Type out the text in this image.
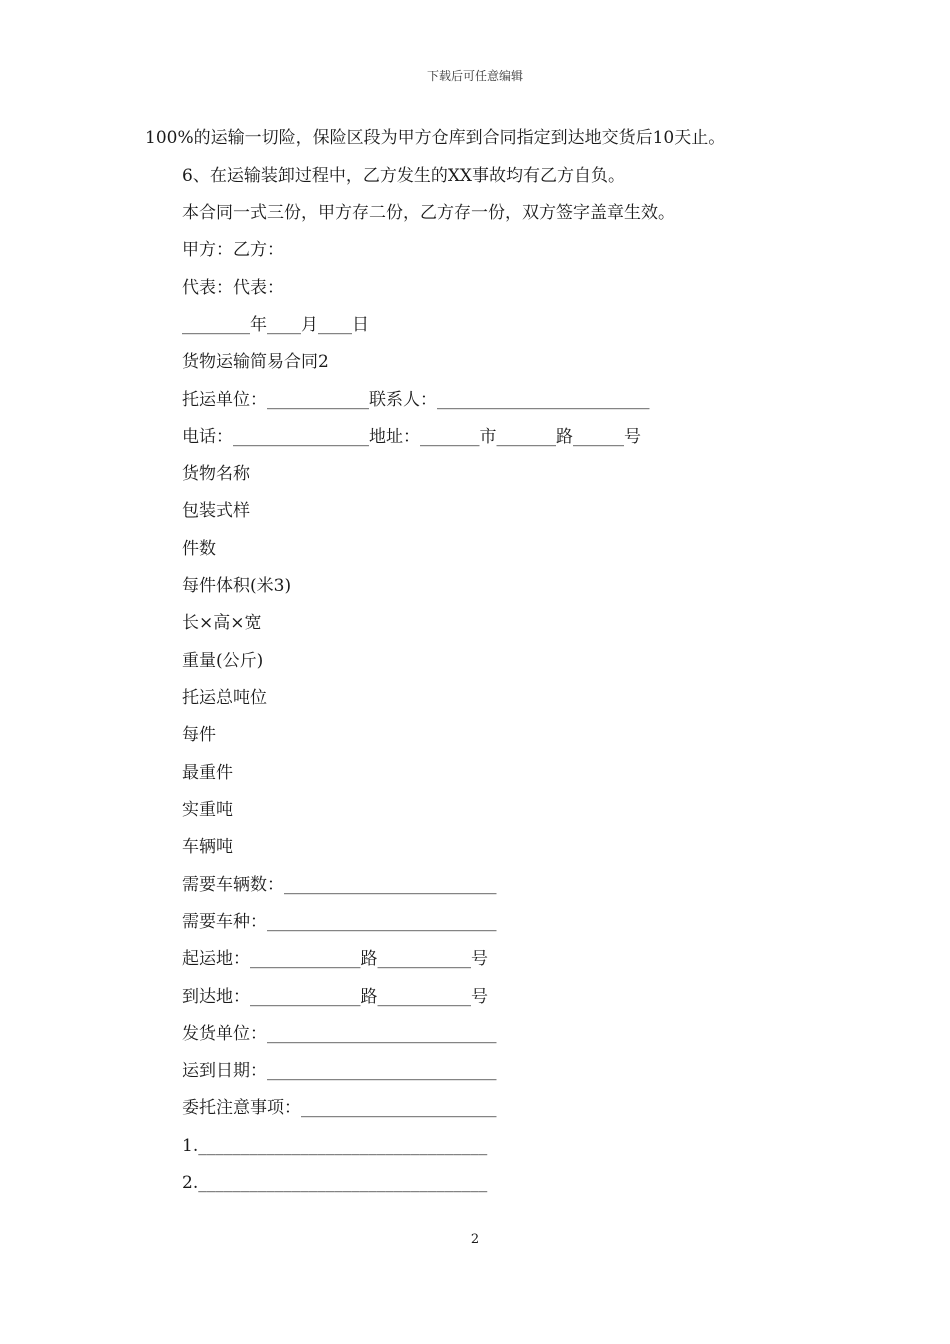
下载后可任意编辑
100%的运输一切险，保险区段为甲方仓库到合同指定到达地交货后10天止。
6、在运输装卸过程中，乙方发生的XX事故均有乙方自负。
本合同一式三份，甲方存二份，乙方存一份，双方签字盖章生效。
甲方：乙方：
代表：代表：
________年____月____日
货物运输简易合同2
托运单位：____________联系人：_________________________
电话：________________地址：_______市_______路______号
货物名称
包装式样
件数
每件体积(米3)
长×高×宽
重量(公斤)
托运总吨位
每件
最重件
实重吨
车辆吨
需要车辆数：_________________________
需要车种：___________________________
起运地：_____________路___________号
到达地：_____________路___________号
发货单位：___________________________
运到日期：___________________________
委托注意事项：_______________________
1.__________________________________
2.__________________________________
2
